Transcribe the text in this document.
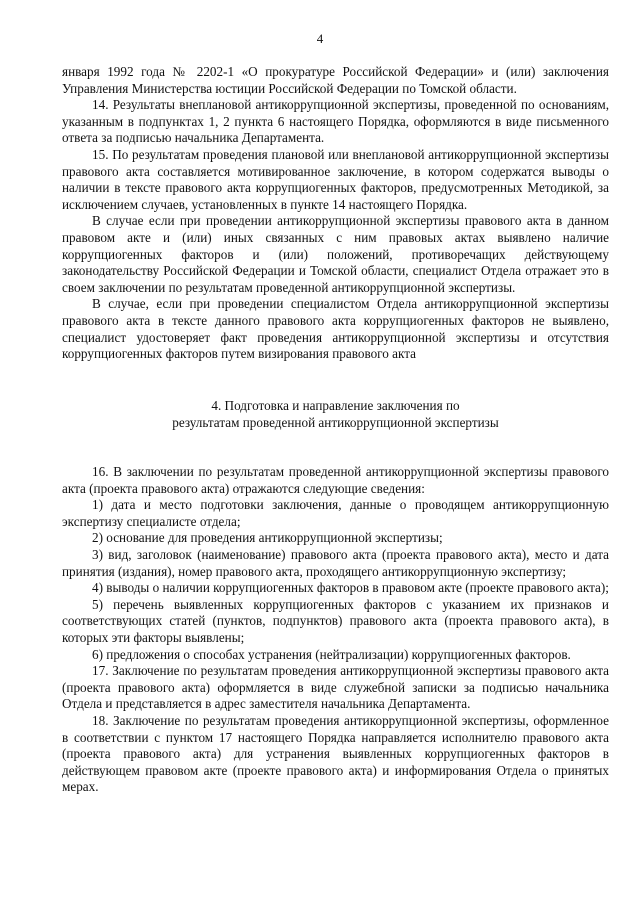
4

января 1992 года № 2202-1 «О прокуратуре Российской Федерации» и (или) заключения Управления Министерства юстиции Российской Федерации по Томской области.

14. Результаты внеплановой антикоррупционной экспертизы, проведенной по основаниям, указанным в подпунктах 1, 2 пункта 6 настоящего Порядка, оформляются в виде письменного ответа за подписью начальника Департамента.

15. По результатам проведения плановой или внеплановой антикоррупционной экспертизы правового акта составляется мотивированное заключение, в котором содержатся выводы о наличии в тексте правового акта коррупциогенных факторов, предусмотренных Методикой, за исключением случаев, установленных в пункте 14 настоящего Порядка.

В случае если при проведении антикоррупционной экспертизы правового акта в данном правовом акте и (или) иных связанных с ним правовых актах выявлено наличие коррупциогенных факторов и (или) положений, противоречащих действующему законодательству Российской Федерации и Томской области, специалист Отдела отражает это в своем заключении по результатам проведенной антикоррупционной экспертизы.

В случае, если при проведении специалистом Отдела антикоррупционной экспертизы правового акта в тексте данного правового акта коррупциогенных факторов не выявлено, специалист удостоверяет факт проведения антикоррупционной экспертизы и отсутствия коррупциогенных факторов путем визирования правового акта

4. Подготовка и направление заключения по
результатам проведенной антикоррупционной экспертизы

16. В заключении по результатам проведенной антикоррупционной экспертизы правового акта (проекта правового акта) отражаются следующие сведения:

1) дата и место подготовки заключения, данные о проводящем антикоррупционную экспертизу специалисте отдела;

2) основание для проведения антикоррупционной экспертизы;

3) вид, заголовок (наименование) правового акта (проекта правового акта), место и дата принятия (издания), номер правового акта, проходящего антикоррупционную экспертизу;

4) выводы о наличии коррупциогенных факторов в правовом акте (проекте правового акта);

5) перечень выявленных коррупциогенных факторов с указанием их признаков и соответствующих статей (пунктов, подпунктов) правового акта (проекта правового акта), в которых эти факторы выявлены;

6) предложения о способах устранения (нейтрализации) коррупциогенных факторов.

17. Заключение по результатам проведения антикоррупционной экспертизы правового акта (проекта правового акта) оформляется в виде служебной записки за подписью начальника Отдела и представляется в адрес заместителя начальника Департамента.

18. Заключение по результатам проведения антикоррупционной экспертизы, оформленное в соответствии с пунктом 17 настоящего Порядка направляется исполнителю правового акта (проекта правового акта) для устранения выявленных коррупциогенных факторов в действующем правовом акте (проекте правового акта) и информирования Отдела о принятых мерах.
